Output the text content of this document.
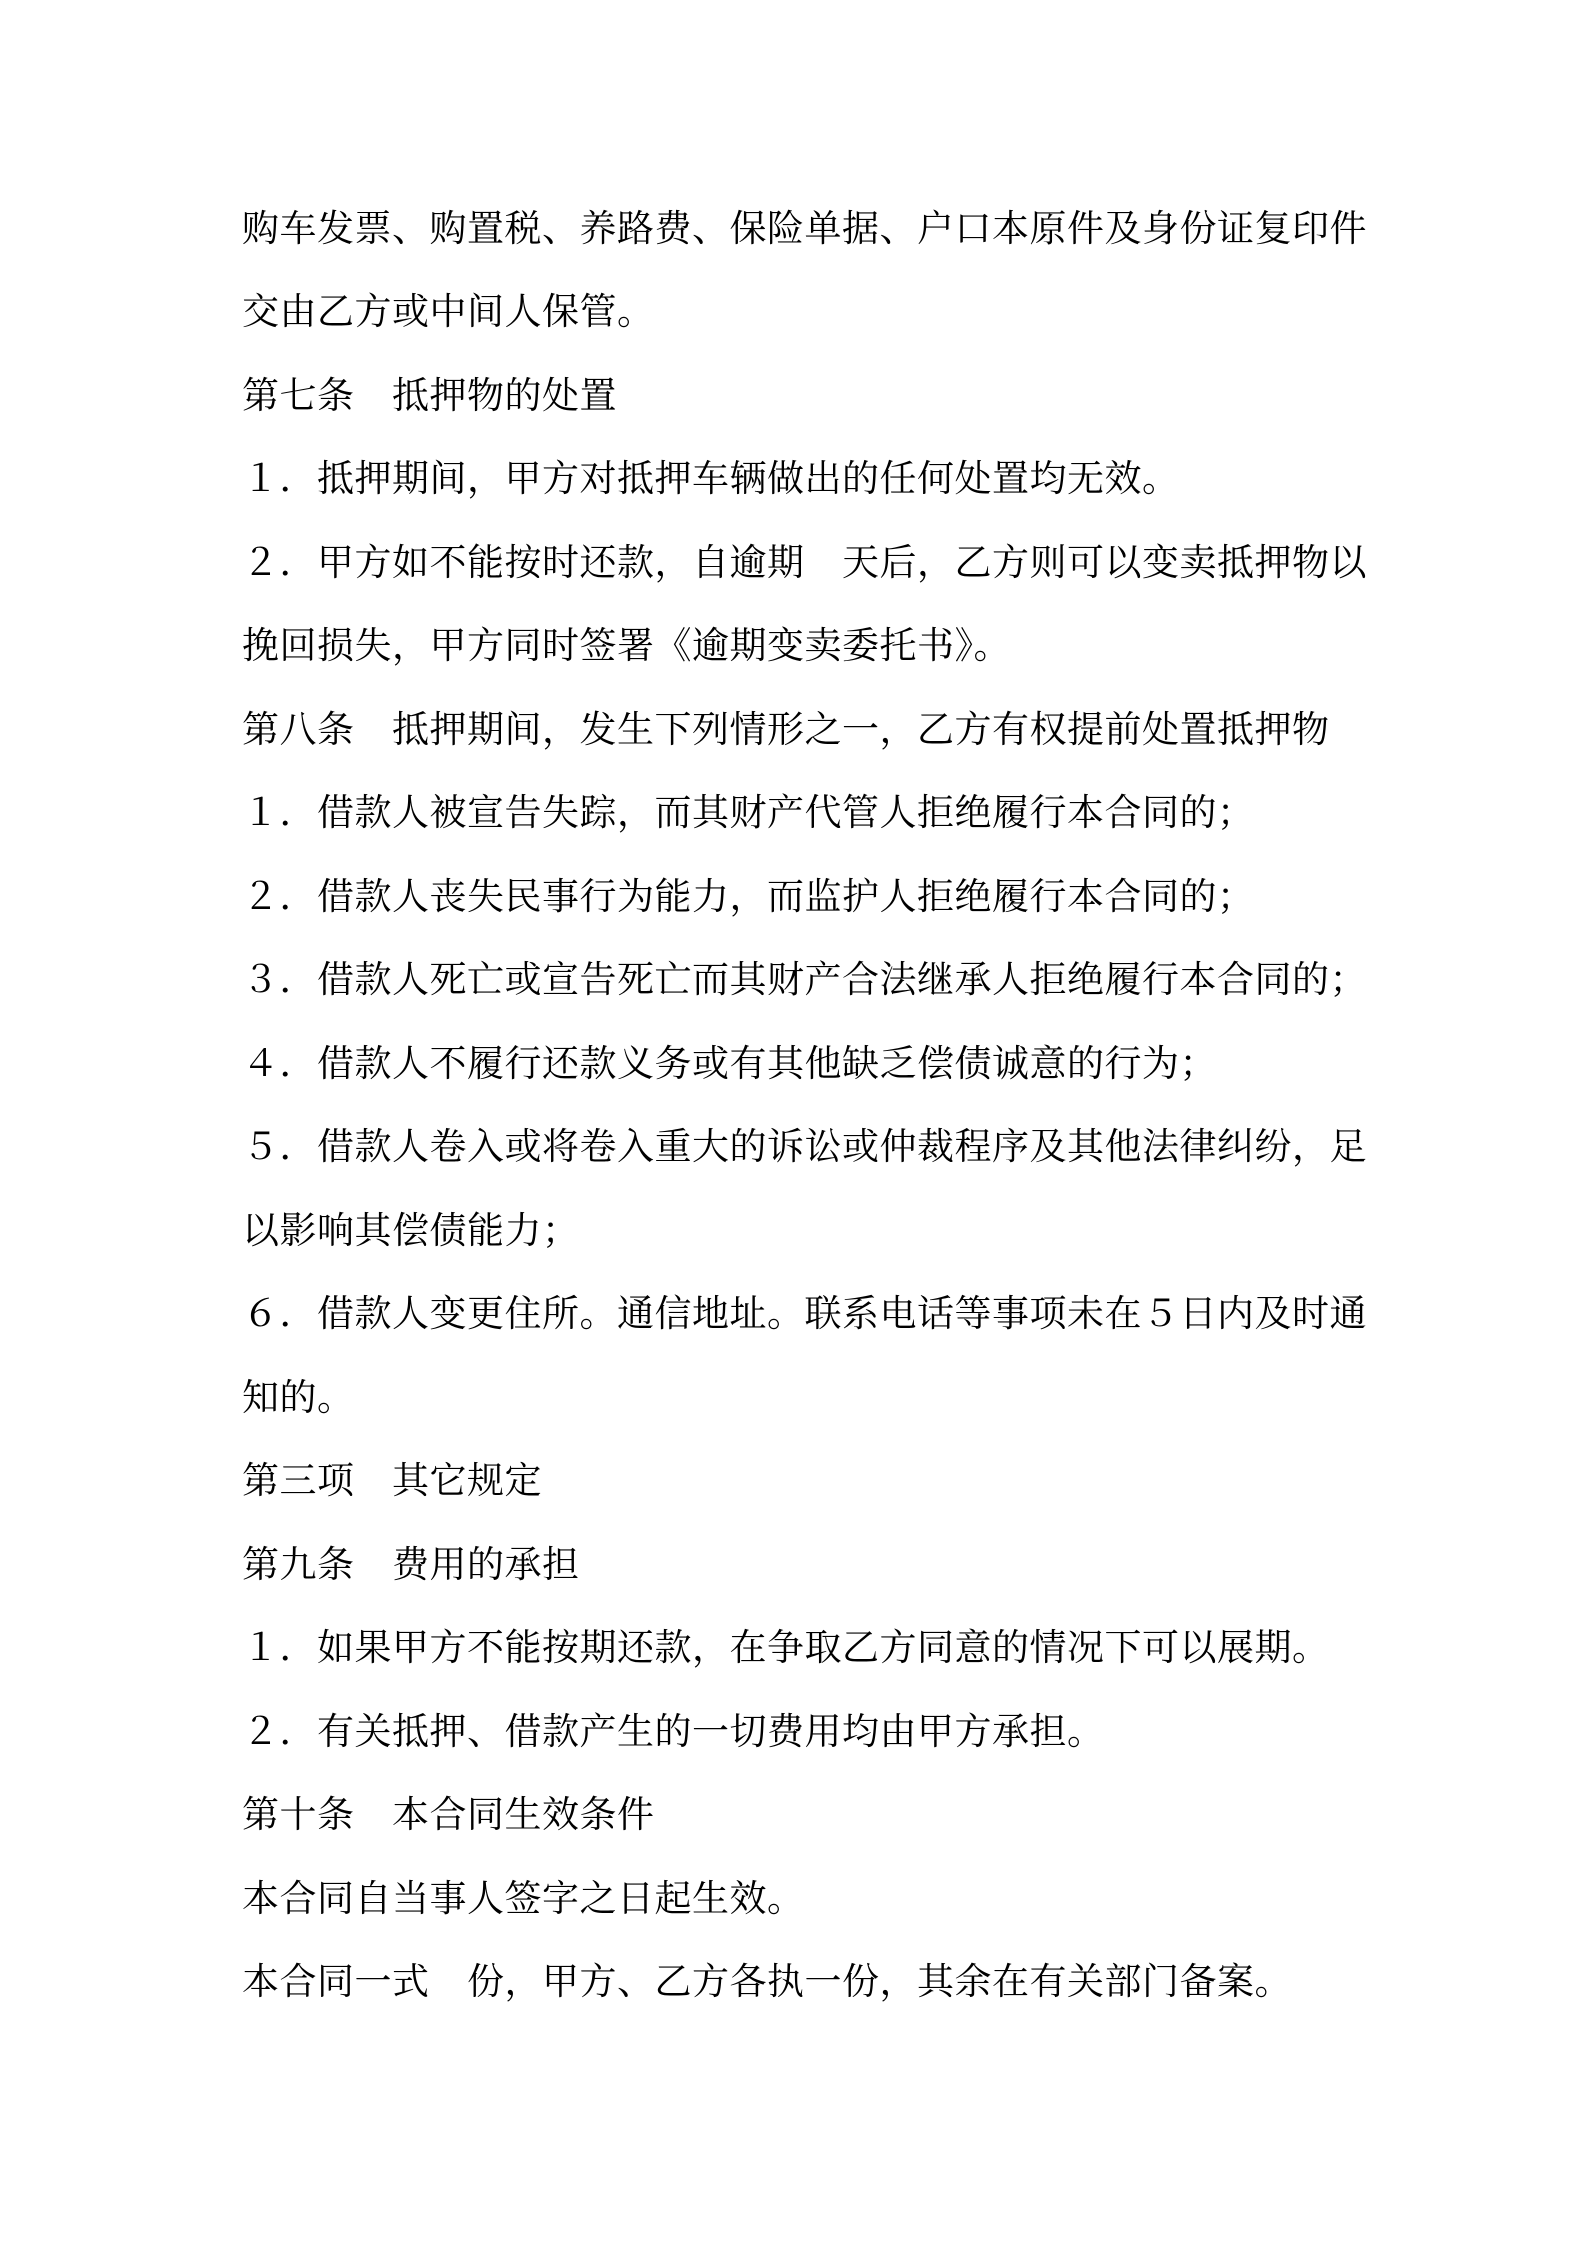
购车发票、购置税、养路费、保险单据、户口本原件及身份证复印件
交由乙方或中间人保管。
第七条　抵押物的处置
１．抵押期间，甲方对抵押车辆做出的任何处置均无效。
２．甲方如不能按时还款，自逾期　天后，乙方则可以变卖抵押物以
挽回损失，甲方同时签署《逾期变卖委托书》。
第八条　抵押期间，发生下列情形之一，乙方有权提前处置抵押物
１．借款人被宣告失踪，而其财产代管人拒绝履行本合同的；
２．借款人丧失民事行为能力，而监护人拒绝履行本合同的；
３．借款人死亡或宣告死亡而其财产合法继承人拒绝履行本合同的；
４．借款人不履行还款义务或有其他缺乏偿债诚意的行为；
５．借款人卷入或将卷入重大的诉讼或仲裁程序及其他法律纠纷，足
以影响其偿债能力；
６．借款人变更住所。通信地址。联系电话等事项未在５日内及时通
知的。
第三项　其它规定
第九条　费用的承担
１．如果甲方不能按期还款，在争取乙方同意的情况下可以展期。
２．有关抵押、借款产生的一切费用均由甲方承担。
第十条　本合同生效条件
本合同自当事人签字之日起生效。
本合同一式　份，甲方、乙方各执一份，其余在有关部门备案。
